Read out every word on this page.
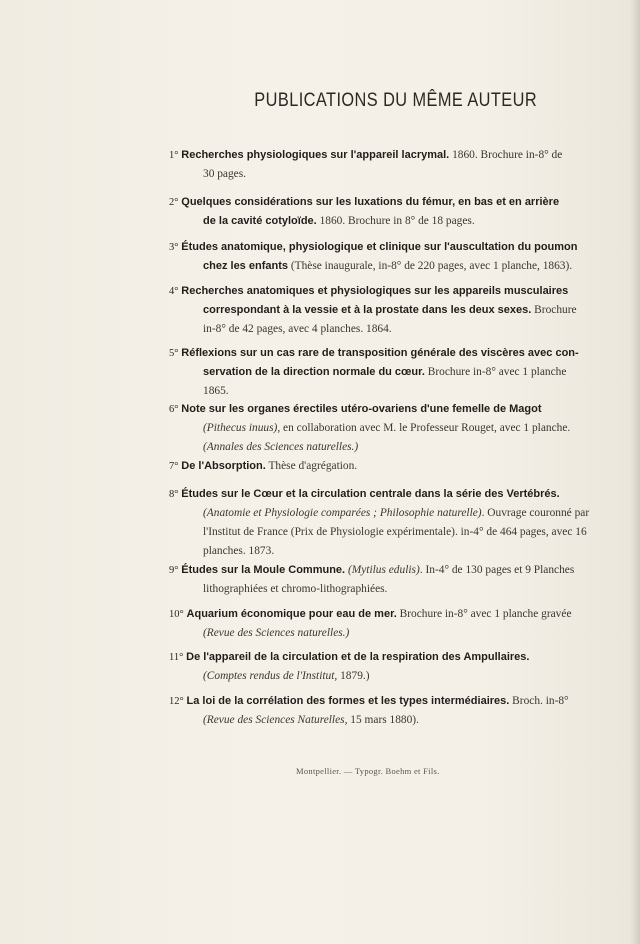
PUBLICATIONS DU MÊME AUTEUR
1° Recherches physiologiques sur l'appareil lacrymal. 1860. Brochure in-8° de
30 pages.
2° Quelques considérations sur les luxations du fémur, en bas et en arrière
de la cavité cotyloïde. 1860. Brochure in 8° de 18 pages.
3° Études anatomique, physiologique et clinique sur l'auscultation du poumon
chez les enfants (Thèse inaugurale, in-8° de 220 pages, avec 1 planche, 1863).
4° Recherches anatomiques et physiologiques sur les appareils musculaires
correspondant à la vessie et à la prostate dans les deux sexes. Brochure
in-8° de 42 pages, avec 4 planches. 1864.
5° Réflexions sur un cas rare de transposition générale des viscères avec con-
servation de la direction normale du cœur. Brochure in-8° avec 1 planche
1865.
6° Note sur les organes érectiles utéro-ovariens d'une femelle de Magot
(Pithecus inuus), en collaboration avec M. le Professeur Rouget, avec 1 planche.
(Annales des Sciences naturelles.)
7° De l'Absorption. Thèse d'agrégation.
8° Études sur le Cœur et la circulation centrale dans la série des Vertébrés.
(Anatomie et Physiologie comparées ; Philosophie naturelle). Ouvrage couronné par
l'Institut de France (Prix de Physiologie expérimentale). in-4° de 464 pages, avec 16
planches. 1873.
9° Études sur la Moule Commune. (Mytilus edulis). In-4° de 130 pages et 9 Planches
lithographiées et chromo-lithographiées.
10° Aquarium économique pour eau de mer. Brochure in-8° avec 1 planche gravée
(Revue des Sciences naturelles.)
11° De l'appareil de la circulation et de la respiration des Ampullaires.
(Comptes rendus de l'Institut, 1879.)
12° La loi de la corrélation des formes et les types intermédiaires. Broch. in-8°
(Revue des Sciences Naturelles, 15 mars 1880).
Montpellier. — Typogr. Boehm et Fils.
